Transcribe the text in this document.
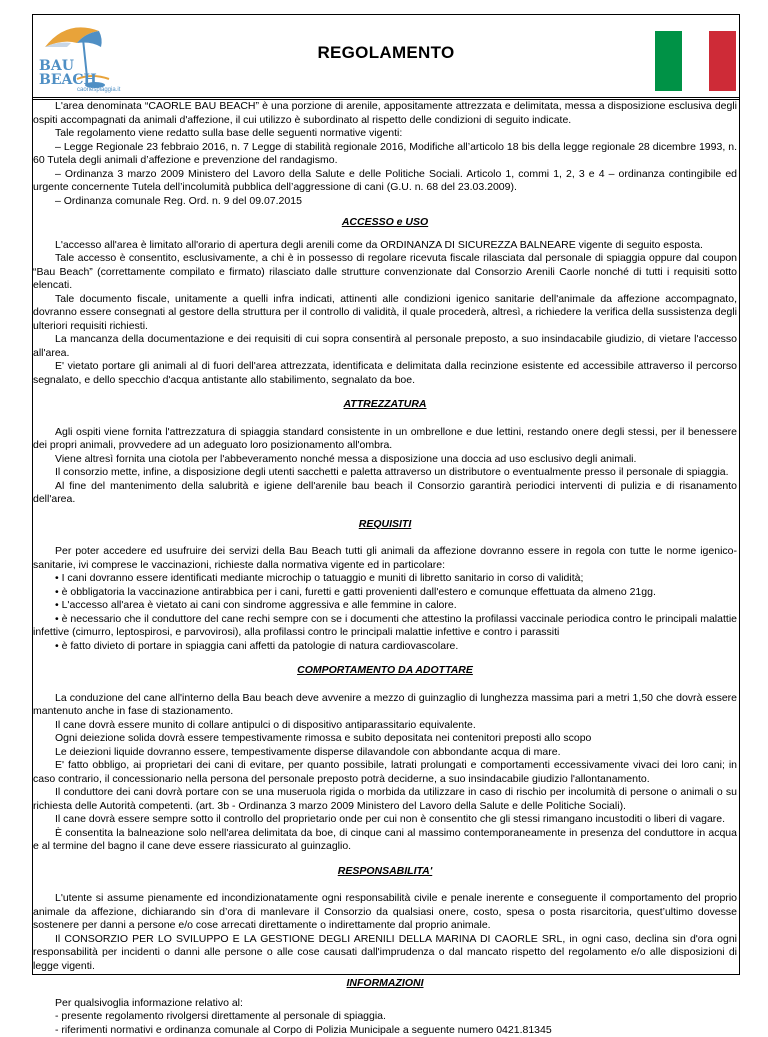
BAU
BEACH
caorlespiaggia.it
REGOLAMENTO

L'area denominata “CAORLE BAU BEACH” è una porzione di arenile, appositamente attrezzata e delimitata, messa a disposizione esclusiva degli ospiti accompagnati da animali d'affezione, il cui utilizzo è subordinato al rispetto delle condizioni di seguito indicate.

Tale regolamento viene redatto sulla base delle seguenti normative vigenti:

– Legge Regionale 23 febbraio 2016, n. 7 Legge di stabilità regionale 2016, Modifiche all’articolo 18 bis della legge regionale 28 dicembre 1993, n. 60 Tutela degli animali d’affezione e prevenzione del randagismo.

– Ordinanza 3 marzo 2009 Ministero del Lavoro della Salute e delle Politiche Sociali. Articolo 1, commi 1, 2, 3 e 4 – ordinanza contingibile ed urgente concernente Tutela dell’incolumità pubblica dell’aggressione di cani (G.U. n. 68 del 23.03.2009).

– Ordinanza comunale Reg. Ord. n. 9 del 09.07.2015

ACCESSO e USO

L'accesso all'area è limitato all'orario di apertura degli arenili come da ORDINANZA DI SICUREZZA BALNEARE vigente di seguito esposta.

Tale accesso è consentito, esclusivamente, a chi è in possesso di regolare ricevuta fiscale rilasciata dal personale di spiaggia oppure dal coupon “Bau Beach” (correttamente compilato e firmato) rilasciato dalle strutture convenzionate dal Consorzio Arenili Caorle nonché di tutti i requisiti sotto elencati.

Tale documento fiscale, unitamente a quelli infra indicati, attinenti alle condizioni igenico sanitarie dell'animale da affezione accompagnato, dovranno essere consegnati al gestore della struttura per il controllo di validità, il quale procederà, altresì, a richiedere la verifica della sussistenza degli ulteriori requisiti richiesti.

La mancanza della documentazione e dei requisiti di cui sopra consentirà al personale preposto, a suo insindacabile giudizio, di vietare l'accesso all'area.

E' vietato portare gli animali al di fuori dell'area attrezzata, identificata e delimitata dalla recinzione esistente ed accessibile attraverso il percorso segnalato, e dello specchio d'acqua antistante allo stabilimento, segnalato da boe.

ATTREZZATURA

Agli ospiti viene fornita l'attrezzatura di spiaggia standard consistente in un ombrellone e due lettini, restando onere degli stessi, per il benessere dei propri animali, provvedere ad un adeguato loro posizionamento all'ombra.

Viene altresì fornita una ciotola per l'abbeveramento nonché messa a disposizione una doccia ad uso esclusivo degli animali.

Il consorzio mette, infine, a disposizione degli utenti sacchetti e paletta attraverso un distributore o eventualmente presso il personale di spiaggia.

Al fine del mantenimento della salubrità e igiene dell'arenile bau beach il Consorzio garantirà periodici interventi di pulizia e di risanamento dell'area.

REQUISITI

Per poter accedere ed usufruire dei servizi della Bau Beach tutti gli animali da affezione dovranno essere in regola con tutte le norme igenico-sanitarie, ivi comprese le vaccinazioni, richieste dalla normativa vigente ed in particolare:

• I cani dovranno essere identificati mediante microchip o tatuaggio e muniti di libretto sanitario in corso di validità;

• è obbligatoria la vaccinazione antirabbica per i cani, furetti e gatti provenienti dall'estero e comunque effettuata da almeno 21gg.

• L'accesso all'area è vietato ai cani con sindrome aggressiva e alle femmine in calore.

• è necessario che il conduttore del cane rechi sempre con se i documenti che attestino la profilassi vaccinale periodica contro le principali malattie infettive (cimurro, leptospirosi, e parvovirosi), alla profilassi contro le principali malattie infettive e contro i parassiti

• è fatto divieto di portare in spiaggia cani affetti da patologie di natura cardiovascolare.

COMPORTAMENTO DA ADOTTARE

La conduzione del cane all'interno della Bau beach deve avvenire a mezzo di guinzaglio di lunghezza massima pari a metri 1,50 che dovrà essere mantenuto anche in fase di stazionamento.

Il cane dovrà essere munito di collare antipulci o di dispositivo antiparassitario equivalente.

Ogni deiezione solida dovrà essere tempestivamente rimossa e subito depositata nei contenitori preposti allo scopo

Le deiezioni liquide dovranno essere, tempestivamente disperse dilavandole con abbondante acqua di mare.

E' fatto obbligo, ai proprietari dei cani di evitare, per quanto possibile, latrati prolungati e comportamenti eccessivamente vivaci dei loro cani; in caso contrario, il concessionario nella persona del personale preposto potrà deciderne, a suo insindacabile giudizio l'allontanamento.

Il conduttore dei cani dovrà portare con se una museruola rigida o morbida da utilizzare in caso di rischio per incolumità di persone o animali o su richiesta delle Autorità competenti. (art. 3b - Ordinanza 3 marzo 2009 Ministero del Lavoro della Salute e delle Politiche Sociali).

Il cane dovrà essere sempre sotto il controllo del proprietario onde per cui non è consentito che gli stessi rimangano incustoditi o liberi di vagare.

È consentita la balneazione solo nell'area delimitata da boe, di cinque cani al massimo contemporaneamente in presenza del conduttore in acqua e al termine del bagno il cane deve essere riassicurato al guinzaglio.

RESPONSABILITA'

L'utente si assume pienamente ed incondizionatamente ogni responsabilità civile e penale inerente e conseguente il comportamento del proprio animale da affezione, dichiarando sin d’ora di manlevare il Consorzio da qualsiasi onere, costo, spesa o posta risarcitoria, quest’ultimo dovesse sostenere per danni a persone e/o cose arrecati direttamente o indirettamente dal proprio animale.

Il CONSORZIO PER LO SVILUPPO E LA GESTIONE DEGLI ARENILI DELLA MARINA DI CAORLE SRL, in ogni caso, declina sin d'ora ogni responsabilità per incidenti o danni alle persone o alle cose causati dall'imprudenza o dal mancato rispetto del regolamento e/o alle disposizioni di legge vigenti.

INFORMAZIONI

Per qualsivoglia informazione relativo al:

- presente regolamento rivolgersi direttamente al personale di spiaggia.

- riferimenti normativi e ordinanza comunale al Corpo di Polizia Municipale a seguente numero 0421.81345
